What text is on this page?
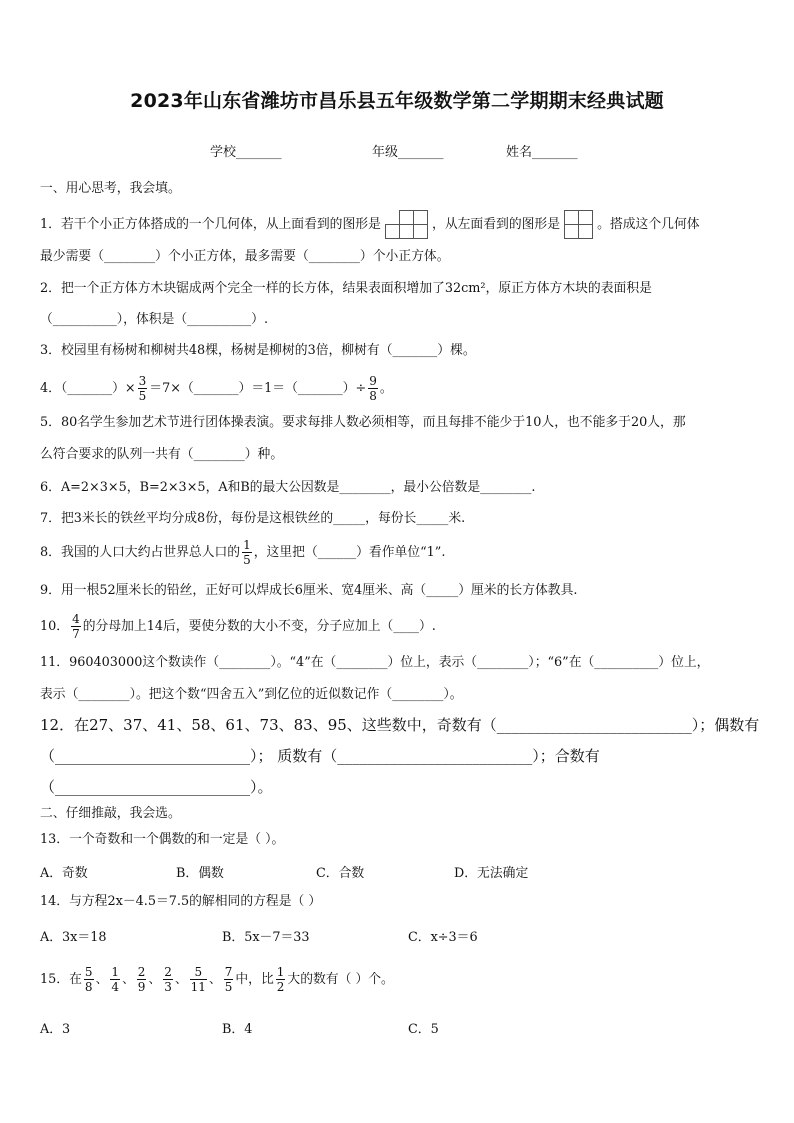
2023年山东省潍坊市昌乐县五年级数学第二学期期末经典试题
学校_______	年级_______	姓名_______
一、用心思考，我会填。
1．若干个小正方体搭成的一个几何体，从上面看到的图形是		
			，从左面看到的图形是	
		。搭成这个几何体
最少需要（________）个小正方体，最多需要（________）个小正方体。
2．把一个正方体方木块锯成两个完全一样的长方体，结果表面积增加了32cm²，原正方体方木块的表面积是
（__________），体积是（__________）.
3．校园里有杨树和柳树共48棵，杨树是柳树的3倍，柳树有（_______）棵。
4．（_______）× $\frac{3}{5}$ ＝7×（_______）＝1＝（_______）÷ $\frac{9}{8}$ 。
5．80名学生参加艺术节进行团体操表演。要求每排人数必须相等，而且每排不能少于10人，也不能多于20人，那
么符合要求的队列一共有（________）种。
6．A=2×3×5，B=2×3×5，A和B的最大公因数是________，最小公倍数是________.
7．把3米长的铁丝平均分成8份，每份是这根铁丝的_____，每份长_____米.
8．我国的人口大约占世界总人口的 $\frac{1}{5}$ ，这里把（______）看作单位“1”.
9．用一根52厘米长的铅丝，正好可以焊成长6厘米、宽4厘米、高（_____）厘米的长方体教具.
10． $\frac{4}{7}$ 的分母加上14后，要使分数的大小不变，分子应加上（____）.
11．960403000这个数读作（________）。“4”在（________）位上，表示（________）；“6”在（__________）位上，
表示（________）。把这个数“四舍五入”到亿位的近似数记作（________）。
12．在27、37、41、58、61、73、83、95、这些数中，奇数有（__________________________）；偶数有
（__________________________）； 质数有（__________________________）；合数有
（__________________________）。
二、仔细推敲，我会选。
13．一个奇数和一个偶数的和一定是（ ）。
A．奇数	B．偶数	C．合数	D．无法确定
14．与方程2x－4.5＝7.5的解相同的方程是（ ）
A．3x＝18	B．5x－7＝33	C．x÷3＝6
15．在 $\frac{5}{8}$ 、 $\frac{1}{4}$ 、 $\frac{2}{9}$ 、 $\frac{2}{3}$ 、 $\frac{5}{11}$ 、 $\frac{7}{5}$ 中，比 $\frac{1}{2}$ 大的数有（ ）个。
A．3	B．4	C．5
